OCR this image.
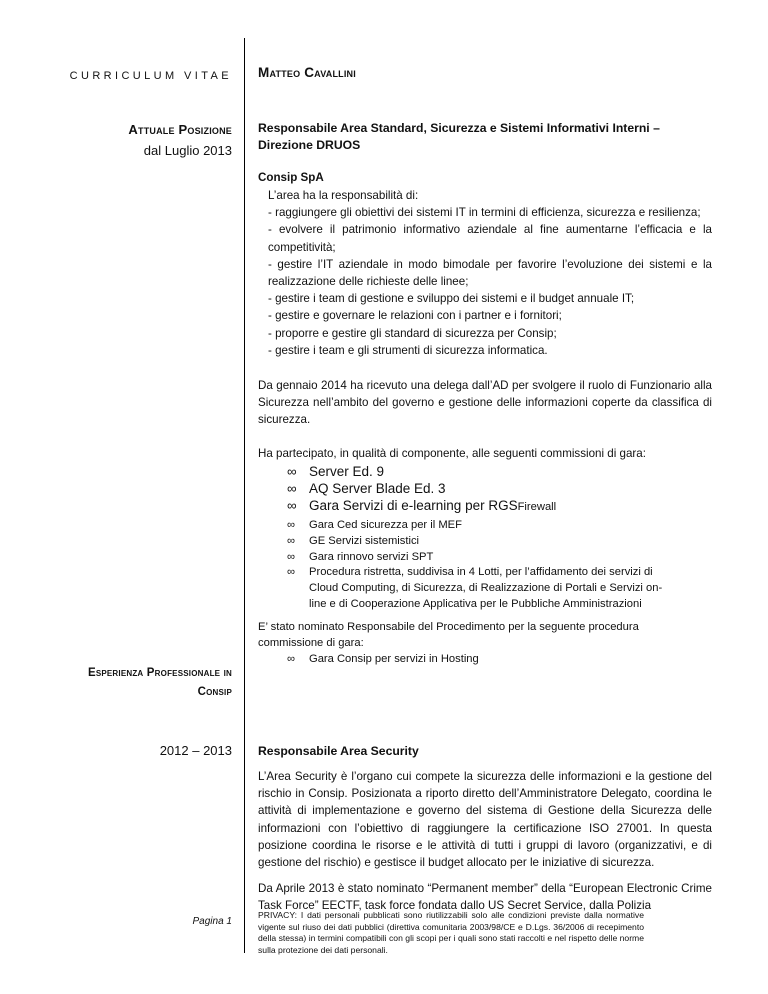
CURRICULUM VITAE
Attuale Posizione
dal Luglio 2013
Esperienza Professionale in
Consip
2012 – 2013
Pagina 1
Matteo Cavallini
Responsabile Area Standard, Sicurezza e Sistemi Informativi Interni –
Direzione DRUOS
Consip SpA
L’area ha la responsabilità di:
- raggiungere gli obiettivi dei sistemi IT in termini di efficienza, sicurezza e resilienza;
- evolvere il patrimonio informativo aziendale al fine aumentarne l’efficacia e la competitività;
- gestire l’IT aziendale in modo bimodale per favorire l’evoluzione dei sistemi e la realizzazione delle richieste delle linee;
- gestire i team di gestione e sviluppo dei sistemi e il budget annuale IT;
- gestire e governare le relazioni con i partner e i fornitori;
- proporre e gestire gli standard di sicurezza per Consip;
- gestire i team e gli strumenti di sicurezza informatica.
Da gennaio 2014 ha ricevuto una delega dall’AD per svolgere il ruolo di Funzionario alla Sicurezza nell’ambito del governo e gestione delle informazioni coperte da classifica di sicurezza.
Ha partecipato, in qualità di componente, alle seguenti commissioni di gara:
∞ Server Ed. 9
∞ AQ Server Blade Ed. 3
∞ Gara Servizi di e-learning per RGSFirewall
∞ Gara Ced sicurezza per il MEF
∞ GE Servizi sistemistici
∞ Gara rinnovo servizi SPT
∞ Procedura ristretta, suddivisa in 4 Lotti, per l’affidamento dei servizi di Cloud Computing, di Sicurezza, di Realizzazione di Portali e Servizi on-line e di Cooperazione Applicativa per le Pubbliche Amministrazioni
E’ stato nominato Responsabile del Procedimento per la seguente procedura commissione di gara:
∞ Gara Consip per servizi in Hosting
Responsabile Area Security
L’Area Security è l’organo cui compete la sicurezza delle informazioni e la gestione del rischio in Consip. Posizionata a riporto diretto dell’Amministratore Delegato, coordina le attività di implementazione e governo del sistema di Gestione della Sicurezza delle informazioni con l’obiettivo di raggiungere la certificazione ISO 27001. In questa posizione coordina le risorse e le attività di tutti i gruppi di lavoro (organizzativi, e di gestione del rischio) e gestisce il budget allocato per le iniziative di sicurezza.
Da Aprile 2013 è stato nominato “Permanent member” della “European Electronic Crime Task Force” EECTF, task force fondata dallo US Secret Service, dalla Polizia
PRIVACY: I dati personali pubblicati sono riutilizzabili solo alle condizioni previste dalla normative vigente sul riuso dei dati pubblici (direttiva comunitaria 2003/98/CE e D.Lgs. 36/2006 di recepimento della stessa) in termini compatibili con gli scopi per i quali sono stati raccolti e nel rispetto delle norme sulla protezione dei dati personali.
